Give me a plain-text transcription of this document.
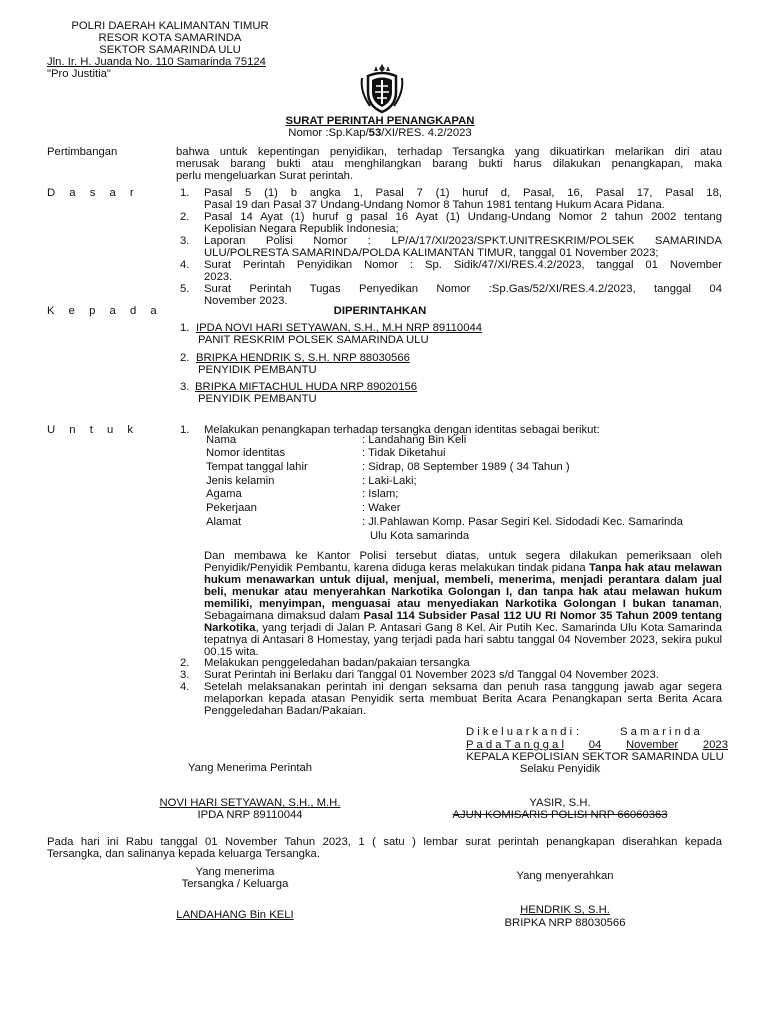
POLRI DAERAH KALIMANTAN TIMUR
RESOR KOTA SAMARINDA
SEKTOR SAMARINDA ULU
Jln. Ir. H. Juanda No. 110 Samarinda 75124
"Pro Justitia"
SURAT PERINTAH PENANGKAPAN
Nomor :Sp.Kap/53/XI/RES. 4.2/2023
Pertimbangan	bahwa untuk kepentingan penyidikan, terhadap Tersangka yang dikuatirkan melarikan diri atau
merusak barang bukti atau menghilangkan barang bukti harus dilakukan penangkapan, maka
perlu mengeluarkan Surat perintah.
D a s a r	1. Pasal 5 (1) b angka 1, Pasal 7 (1) huruf d, Pasal, 16, Pasal 17, Pasal 18,
Pasal 19 dan Pasal 37 Undang-Undang Nomor 8 Tahun 1981 tentang Hukum Acara Pidana.
2. Pasal 14 Ayat (1) huruf g pasal 16 Ayat (1) Undang-Undang Nomor 2 tahun 2002 tentang
Kepolisian Negara Republik Indonesia;
3. Laporan Polisi Nomor : LP/A/17/XI/2023/SPKT.UNITRESKRIM/POLSEK SAMARINDA
ULU/POLRESTA SAMARINDA/POLDA KALIMANTAN TIMUR, tanggal 01 November 2023;
4. Surat Perintah Penyidikan Nomor : Sp. Sidik/47/XI/RES.4.2/2023, tanggal 01 November
2023.
5. Surat Perintah Tugas Penyedikan Nomor :Sp.Gas/52/XI/RES.4.2/2023, tanggal 04
November 2023.
K e p a d a	DIPERINTAHKAN
1. IPDA NOVI HARI SETYAWAN, S.H., M.H NRP 89110044
PANIT RESKRIM POLSEK SAMARINDA ULU
2. BRIPKA HENDRIK S, S.H. NRP 88030566
PENYIDIK PEMBANTU
3. BRIPKA MIFTACHUL HUDA NRP 89020156
PENYIDIK PEMBANTU
U n t u k	1. Melakukan penangkapan terhadap tersangka dengan identitas sebagai berikut:
Nama	: Landahang Bin Keli
Nomor identitas	: Tidak Diketahui
Tempat tanggal lahir	: Sidrap, 08 September 1989 ( 34 Tahun )
Jenis kelamin	: Laki-Laki;
Agama	: Islam;
Pekerjaan	: Waker
Alamat	: Jl.Pahlawan Komp. Pasar Segiri Kel. Sidodadi Kec. Samarinda
Ulu Kota samarinda
Dan membawa ke Kantor Polisi tersebut diatas, untuk segera dilakukan pemeriksaan oleh Penyidik/Penyidik Pembantu, karena diduga keras melakukan tindak pidana Tanpa hak atau melawan hukum menawarkan untuk dijual, menjual, membeli, menerima, menjadi perantara dalam jual beli, menukar atau menyerahkan Narkotika Golongan I, dan tanpa hak atau melawan hukum memiliki, menyimpan, menguasai atau menyediakan Narkotika Golongan I bukan tanaman, Sebagaimana dimaksud dalam Pasal 114 Subsider Pasal 112 UU RI Nomor 35 Tahun 2009 tentang Narkotika, yang terjadi di Jalan P. Antasari Gang 8 Kel. Air Putih Kec. Samarinda Ulu Kota Samarinda tepatnya di Antasari 8 Homestay, yang terjadi pada hari sabtu tanggal 04 November 2023, sekira pukul 00.15 wita.
2. Melakukan penggeledahan badan/pakaian tersangka
3. Surat Perintah ini Berlaku dari Tanggal 01 November 2023 s/d Tanggal 04 November 2023.
4. Setelah melaksanakan perintah ini dengan seksama dan penuh rasa tanggung jawab agar segera melaporkan kepada atasan Penyidik serta membuat Berita Acara Penangkapan serta Berita Acara Penggeledahan Badan/Pakaian.
D i k e l u a r k a n d i :	S a m a r i n d a
P a d a T a n g g a l 04 November 2023
KEPALA KEPOLISIAN SEKTOR SAMARINDA ULU
Selaku Penyidik
Yang Menerima Perintah
NOVI HARI SETYAWAN, S.H., M.H.
IPDA NRP 89110044
YASIR, S.H.
AJUN KOMISARIS POLISI NRP 66060363
Pada hari ini Rabu tanggal 01 November Tahun 2023, 1 ( satu ) lembar surat perintah penangkapan diserahkan kepada
Tersangka, dan salinanya kepada keluarga Tersangka.
Yang menerima
Tersangka / Keluarga
Yang menyerahkan
LANDAHANG Bin KELI	HENDRIK S, S.H.
BRIPKA NRP 88030566
